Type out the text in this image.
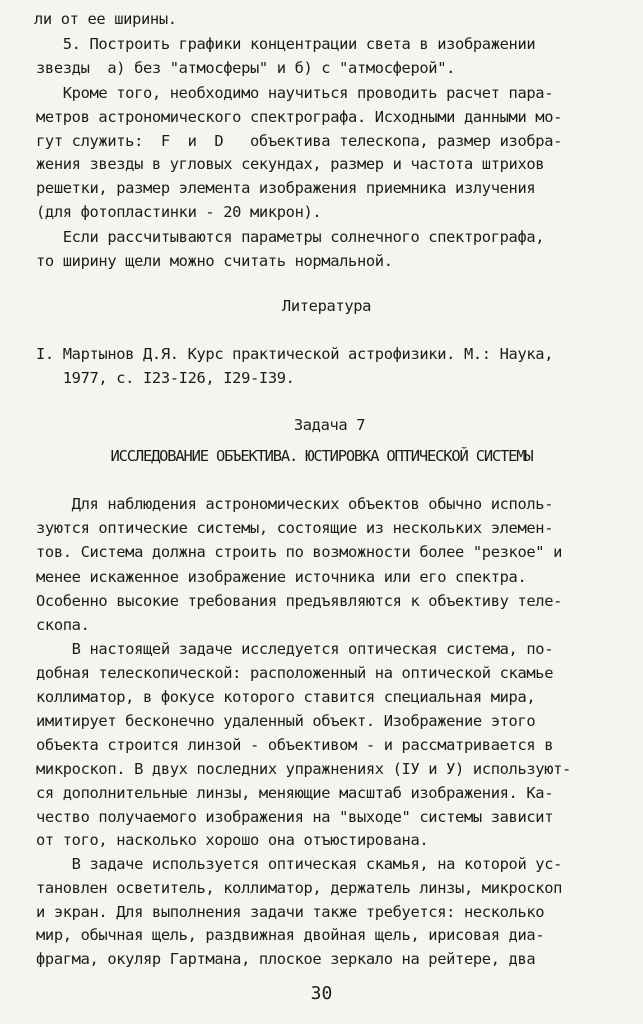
ли от ее ширины.
5. Построить графики концентрации света в изображении
звезды  а) без "атмосферы" и б) с "атмосферой".
Кроме того, необходимо научиться проводить расчет пара-
метров астрономического спектрографа. Исходными данными мо-
гут служить:  F  и  D   объектива телескопа, размер изобра-
жения звезды в угловых секундах, размер и частота штрихов
решетки, размер элемента изображения приемника излучения
(для фотопластинки - 20 микрон).
Если рассчитываются параметры солнечного спектрографа,
то ширину щели можно считать нормальной.
Литература
I. Мартынов Д.Я. Курс практической астрофизики. М.: Наука,
1977, с. I23-I26, I29-I39.
Задача 7
ИССЛЕДОВАНИЕ ОБЪЕКТИВА. ЮСТИРОВКА ОПТИЧЕСКОЙ СИСТЕМЫ
Для наблюдения астрономических объектов обычно исполь-
зуются оптические системы, состоящие из нескольких элемен-
тов. Система должна строить по возможности более "резкое" и
менее искаженное изображение источника или его спектра.
Особенно высокие требования предъявляются к объективу теле-
скопа.
В настоящей задаче исследуется оптическая система, по-
добная телескопической: расположенный на оптической скамье
коллиматор, в фокусе которого ставится специальная мира,
имитирует бесконечно удаленный объект. Изображение этого
объекта строится линзой - объективом - и рассматривается в
микроскоп. В двух последних упражнениях (IУ и У) используют-
ся дополнительные линзы, меняющие масштаб изображения. Ка-
чество получаемого изображения на "выходе" системы зависит
от того, насколько хорошо она отъюстирована.
В задаче используется оптическая скамья, на которой ус-
тановлен осветитель, коллиматор, держатель линзы, микроскоп
и экран. Для выполнения задачи также требуется: несколько
мир, обычная щель, раздвижная двойная щель, ирисовая диа-
фрагма, окуляр Гартмана, плоское зеркало на рейтере, два
30
